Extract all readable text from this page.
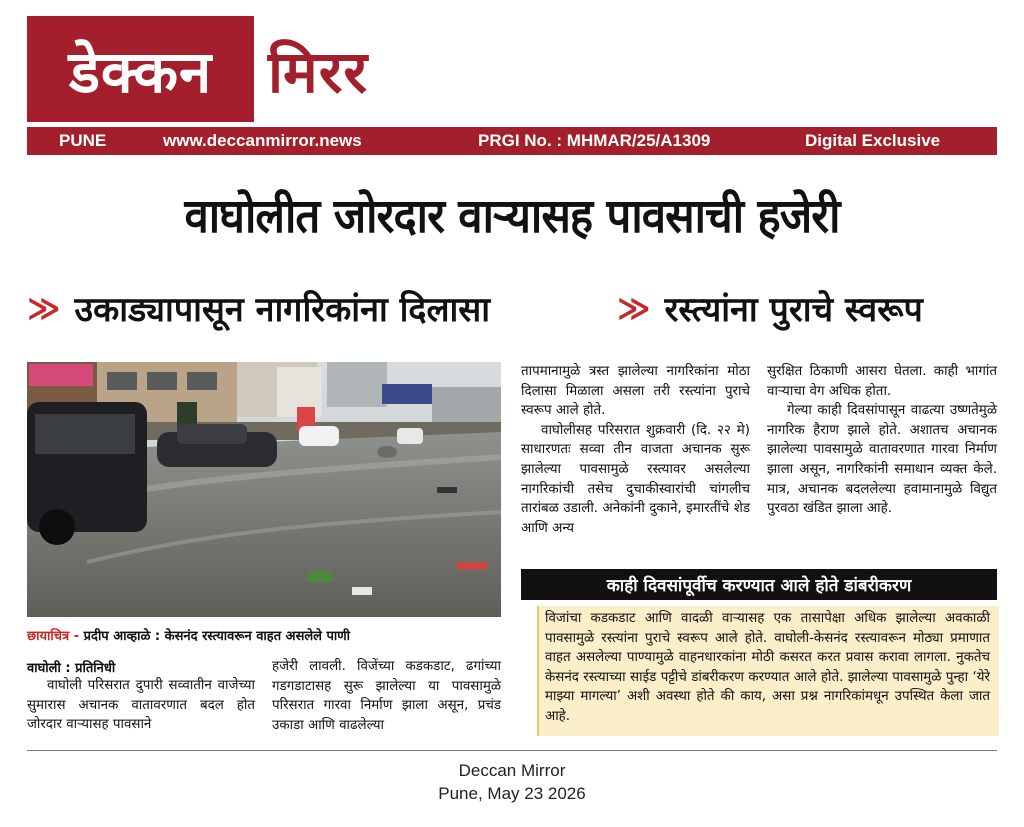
डेक्कन मिरर
PUNE	www.deccanmirror.news	PRGI No. : MHMAR/25/A1309	Digital Exclusive
वाघोलीत जोरदार वाऱ्यासह पावसाची हजेरी
≫ उकाड्यापासून नागरिकांना दिलासा	≫ रस्त्यांना पुराचे स्वरूप
छायाचित्र - प्रदीप आव्हाळे : केसनंद रस्त्यावरून वाहत असलेले पाणी
वाघोली : प्रतिनिधी

वाघोली परिसरात दुपारी सव्वातीन वाजेच्या सुमारास अचानक वातावरणात बदल होत जोरदार वाऱ्यासह पावसाने

हजेरी लावली. विजेंच्या कडकडाट, ढगांच्या गडगडाटासह सुरू झालेल्या या पावसामुळे परिसरात गारवा निर्माण झाला असून, प्रचंड उकाडा आणि वाढलेल्या

तापमानामुळे त्रस्त झालेल्या नागरिकांना मोठा दिलासा मिळाला असला तरी रस्त्यांना पुराचे स्वरूप आले होते.

वाघोलीसह परिसरात शुक्रवारी (दि. २२ मे) साधारणतः सव्वा तीन वाजता अचानक सुरू झालेल्या पावसामुळे रस्त्यावर असलेल्या नागरिकांची तसेच दुचाकीस्वारांची चांगलीच तारांबळ उडाली. अनेकांनी दुकाने, इमारतींचे शेड आणि अन्य

सुरक्षित ठिकाणी आसरा घेतला. काही भागांत वाऱ्याचा वेग अधिक होता.

गेल्या काही दिवसांपासून वाढत्या उष्णतेमुळे नागरिक हैराण झाले होते. अशातच अचानक झालेल्या पावसामुळे वातावरणात गारवा निर्माण झाला असून, नागरिकांनी समाधान व्यक्त केले. मात्र, अचानक बदललेल्या हवामानामुळे विद्युत पुरवठा खंडित झाला आहे.

काही दिवसांपूर्वीच करण्यात आले होते डांबरीकरण
विजांचा कडकडाट आणि वादळी वाऱ्यासह एक तासापेक्षा अधिक झालेल्या अवकाळी पावसामुळे रस्त्यांना पुराचे स्वरूप आले होते. वाघोली-केसनंद रस्त्यावरून मोठ्या प्रमाणात वाहत असलेल्या पाण्यामुळे वाहनधारकांना मोठी कसरत करत प्रवास करावा लागला. नुकतेच केसनंद रस्त्याच्या साईड पट्टीचे डांबरीकरण करण्यात आले होते. झालेल्या पावसामुळे पुन्हा ‘येरे माझ्या मागल्या’ अशी अवस्था होते की काय, असा प्रश्न नागरिकांमधून उपस्थित केला जात आहे.
Deccan Mirror
Pune, May 23 2026
